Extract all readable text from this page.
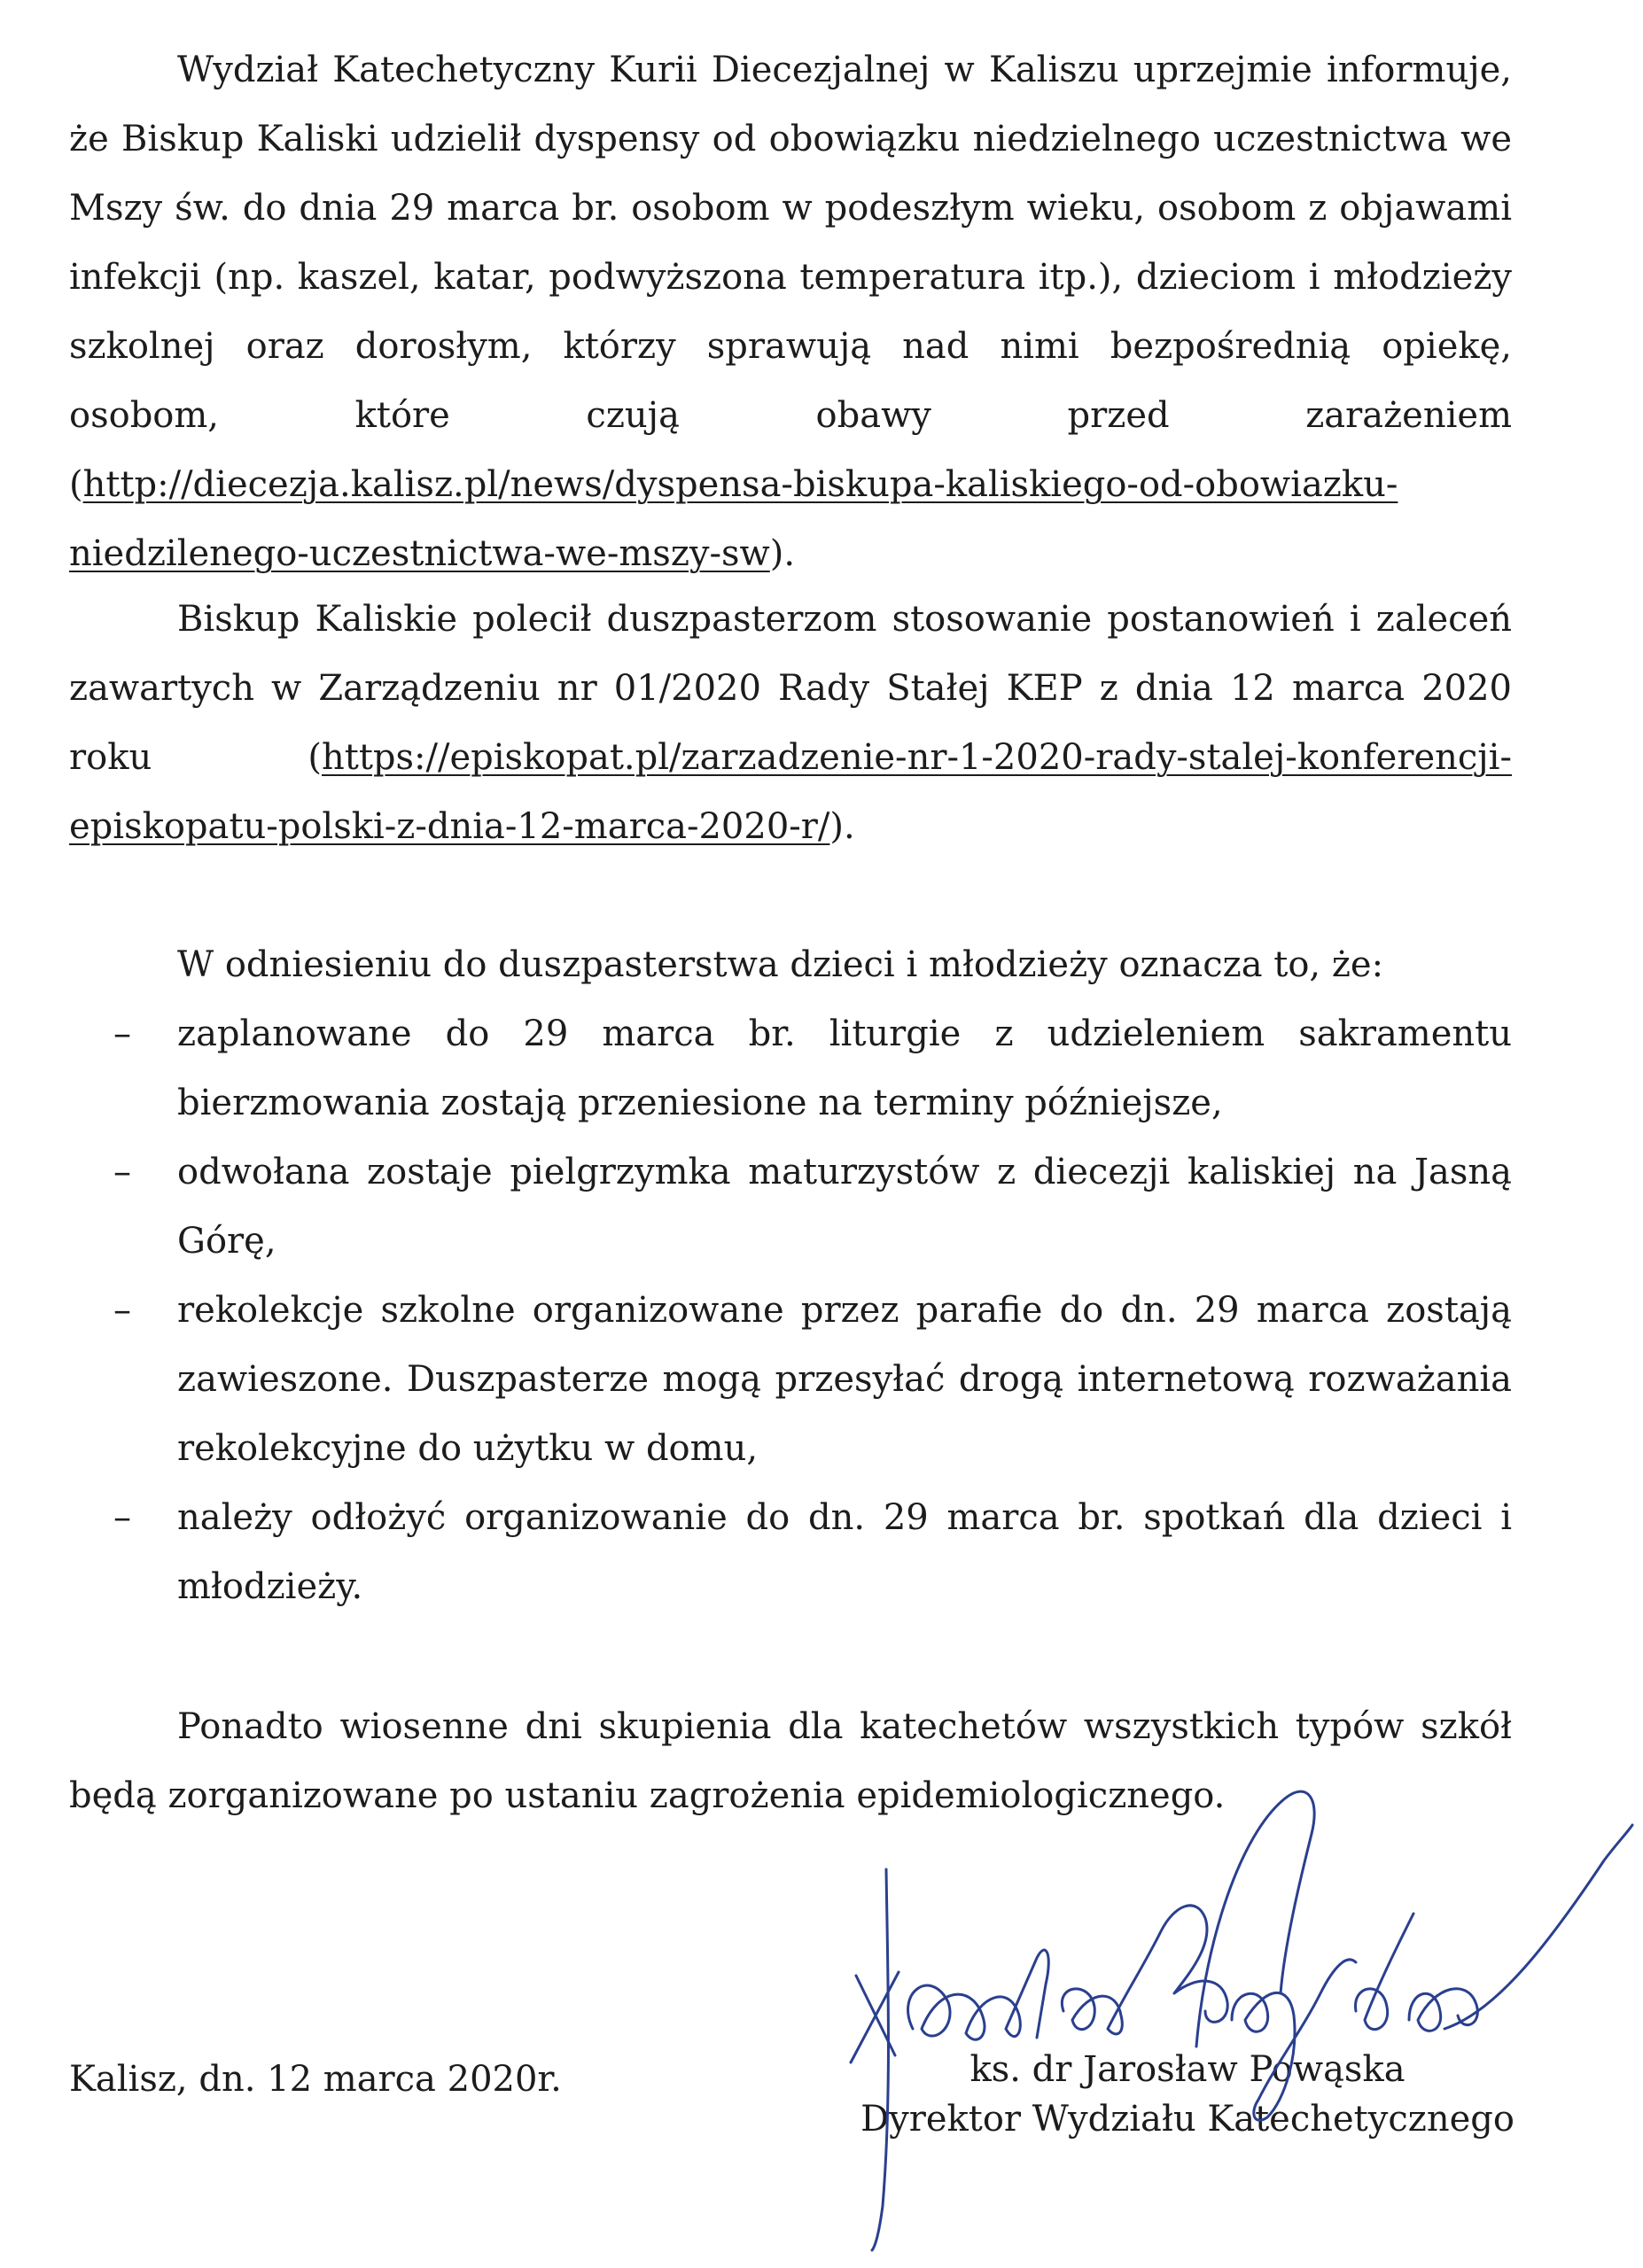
Wydział Katechetyczny Kurii Diecezjalnej w Kaliszu uprzejmie informuje, że Biskup Kaliski udzielił dyspensy od obowiązku niedzielnego uczestnictwa we Mszy św. do dnia 29 marca br. osobom w podeszłym wieku, osobom z objawami infekcji (np. kaszel, katar, podwyższona temperatura itp.), dzieciom i młodzieży szkolnej oraz dorosłym, którzy sprawują nad nimi bezpośrednią opiekę, osobom, które czują obawy przed zarażeniem (http://diecezja.kalisz.pl/news/dyspensa-biskupa-kaliskiego-od-obowiazku-niedzilenego-uczestnictwa-we-mszy-sw).

Biskup Kaliskie polecił duszpasterzom stosowanie postanowień i zaleceń zawartych w Zarządzeniu nr 01/2020 Rady Stałej KEP z dnia 12 marca 2020 roku (https://episkopat.pl/zarzadzenie-nr-1-2020-rady-stalej-konferencji-episkopatu-polski-z-dnia-12-marca-2020-r/).

W odniesieniu do duszpasterstwa dzieci i młodzieży oznacza to, że:

– zaplanowane do 29 marca br. liturgie z udzieleniem sakramentu bierzmowania zostają przeniesione na terminy późniejsze,
– odwołana zostaje pielgrzymka maturzystów z diecezji kaliskiej na Jasną Górę,
– rekolekcje szkolne organizowane przez parafie do dn. 29 marca zostają zawieszone. Duszpasterze mogą przesyłać drogą internetową rozważania rekolekcyjne do użytku w domu,
– należy odłożyć organizowanie do dn. 29 marca br. spotkań dla dzieci i młodzieży.

Ponadto wiosenne dni skupienia dla katechetów wszystkich typów szkół będą zorganizowane po ustaniu zagrożenia epidemiologicznego.

Kalisz, dn. 12 marca 2020r.	ks. dr Jarosław Powąska
Dyrektor Wydziału Katechetycznego
